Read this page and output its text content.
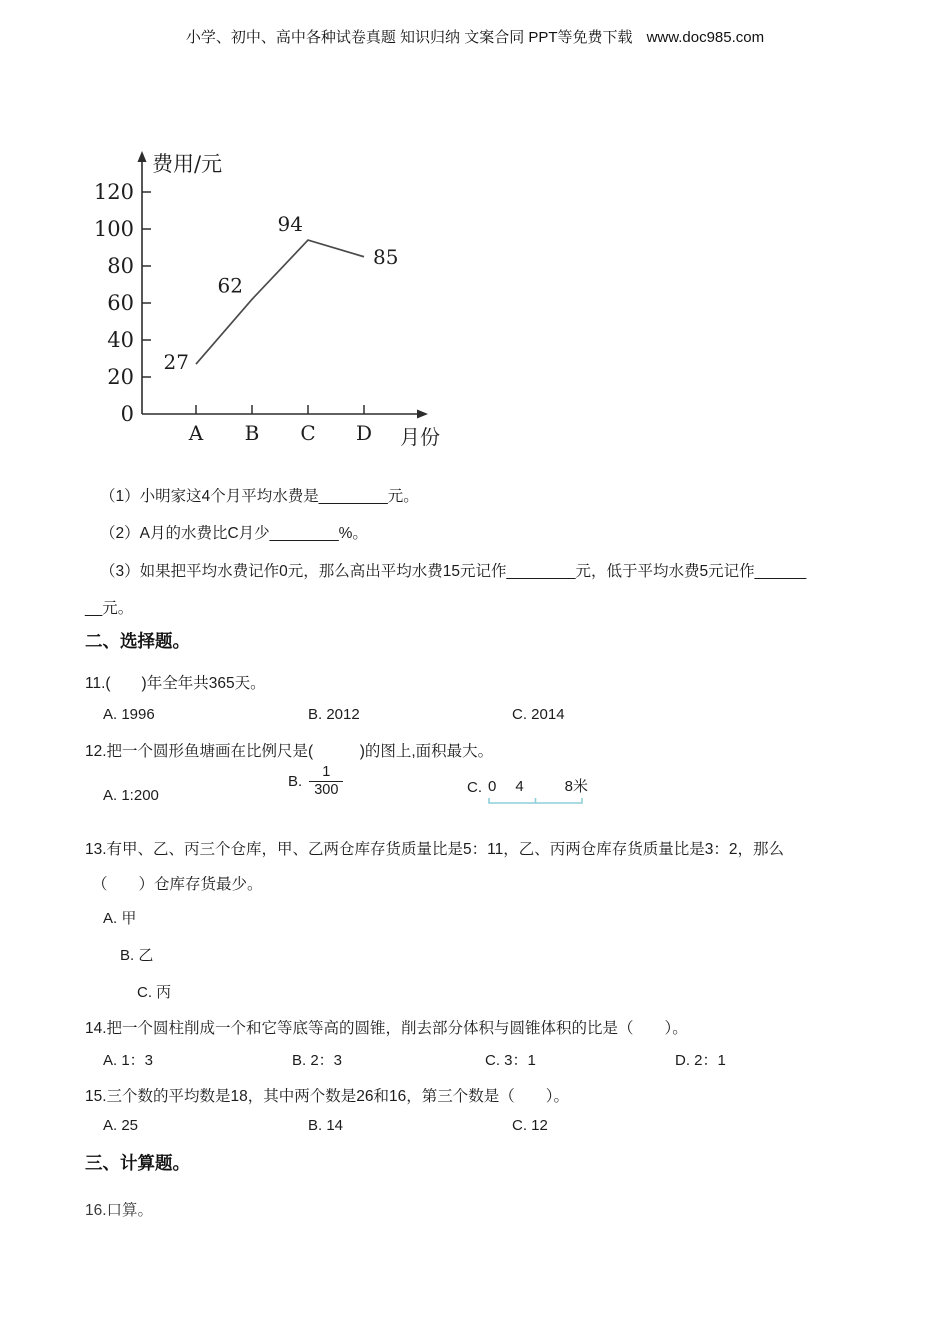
小学、初中、高中各种试卷真题 知识归纳 文案合同 PPT等免费下载 www.doc985.com
0
20
40
60
80
100
120
A B C D
费用/元
月份
27
62
94
85
（1）小明家这4个月平均水费是________元。
（2）A月的水费比C月少________%。
（3）如果把平均水费记作0元，那么高出平均水费15元记作________元，低于平均水费5元记作______
__元。
二、选择题。
11.(　　)年全年共365天。
A. 1996	B. 2012	C. 2014
12.把一个圆形鱼塘画在比例尺是(　　　)的图上,面积最大。
A. 1:200
B. $\frac{1}{300}$	C. 0 4	8米
13.有甲、乙、丙三个仓库，甲、乙两仓库存货质量比是5：11，乙、丙两仓库存货质量比是3：2，那么
（　　）仓库存货最少。
A. 甲
B. 乙
C. 丙
14.把一个圆柱削成一个和它等底等高的圆锥，削去部分体积与圆锥体积的比是（　　）。
A. 1：3	B. 2：3	C. 3：1	D. 2：1
15.三个数的平均数是18，其中两个数是26和16，第三个数是（　　）。
A. 25	B. 14	C. 12
三、计算题。
16.口算。
